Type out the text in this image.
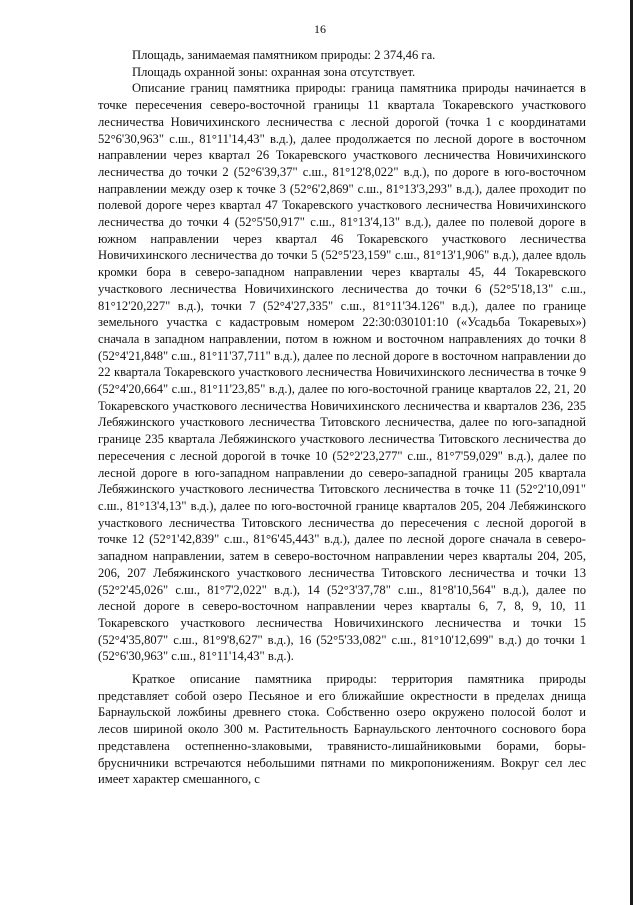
16

Площадь, занимаемая памятником природы: 2 374,46 га.

Площадь охранной зоны: охранная зона отсутствует.

Описание границ памятника природы: граница памятника природы начинается в точке пересечения северо-восточной границы 11 квартала Токаревского участкового лесничества Новичихинского лесничества с лесной дорогой (точка 1 с координатами 52°6'30,963" с.ш., 81°11'14,43" в.д.), далее продолжается по лесной дороге в восточном направлении через квартал 26 Токаревского участкового лесничества Новичихинского лесничества до точки 2 (52°6'39,37" с.ш., 81°12'8,022" в.д.), по дороге в юго-восточном направлении между озер к точке 3 (52°6'2,869" с.ш., 81°13'3,293" в.д.), далее проходит по полевой дороге через квартал 47 Токаревского участкового лесничества Новичихинского лесничества до точки 4 (52°5'50,917" с.ш., 81°13'4,13" в.д.), далее по полевой дороге в южном направлении через квартал 46 Токаревского участкового лесничества Новичихинского лесничества до точки 5 (52°5'23,159" с.ш., 81°13'1,906" в.д.), далее вдоль кромки бора в северо-западном направлении через кварталы 45, 44 Токаревского участкового лесничества Новичихинского лесничества до точки 6 (52°5'18,13" с.ш., 81°12'20,227" в.д.), точки 7 (52°4'27,335" с.ш., 81°11'34.126" в.д.), далее по границе земельного участка с кадастровым номером 22:30:030101:10 («Усадьба Токаревых») сначала в западном направлении, потом в южном и восточном направлениях до точки 8 (52°4'21,848" с.ш., 81°11'37,711" в.д.), далее по лесной дороге в восточном направлении до 22 квартала Токаревского участкового лесничества Новичихинского лесничества в точке 9 (52°4'20,664" с.ш., 81°11'23,85" в.д.), далее по юго-восточной границе кварталов 22, 21, 20 Токаревского участкового лесничества Новичихинского лесничества и кварталов 236, 235 Лебяжинского участкового лесничества Титовского лесничества, далее по юго-западной границе 235 квартала Лебяжинского участкового лесничества Титовского лесничества до пересечения с лесной дорогой в точке 10 (52°2'23,277" с.ш., 81°7'59,029" в.д.), далее по лесной дороге в юго-западном направлении до северо-западной границы 205 квартала Лебяжинского участкового лесничества Титовского лесничества в точке 11 (52°2'10,091" с.ш., 81°13'4,13" в.д.), далее по юго-восточной границе кварталов 205, 204 Лебяжинского участкового лесничества Титовского лесничества до пересечения с лесной дорогой в точке 12 (52°1'42,839" с.ш., 81°6'45,443" в.д.), далее по лесной дороге сначала в северо-западном направлении, затем в северо-восточном направлении через кварталы 204, 205, 206, 207 Лебяжинского участкового лесничества Титовского лесничества и точки 13 (52°2'45,026" с.ш., 81°7'2,022" в.д.), 14 (52°3'37,78" с.ш., 81°8'10,564" в.д.), далее по лесной дороге в северо-восточном направлении через кварталы 6, 7, 8, 9, 10, 11 Токаревского участкового лесничества Новичихинского лесничества и точки 15 (52°4'35,807" с.ш., 81°9'8,627" в.д.), 16 (52°5'33,082" с.ш., 81°10'12,699" в.д.) до точки 1 (52°6'30,963" с.ш., 81°11'14,43" в.д.).

Краткое описание памятника природы: территория памятника природы представляет собой озеро Песьяное и его ближайшие окрестности в пределах днища Барнаульской ложбины древнего стока. Собственно озеро окружено полосой болот и лесов шириной около 300 м. Растительность Барнаульского ленточного соснового бора представлена остепненно-злаковыми, травянисто-лишайниковыми борами, боры-брусничники встречаются небольшими пятнами по микропонижениям. Вокруг сел лес имеет характер смешанного, с
